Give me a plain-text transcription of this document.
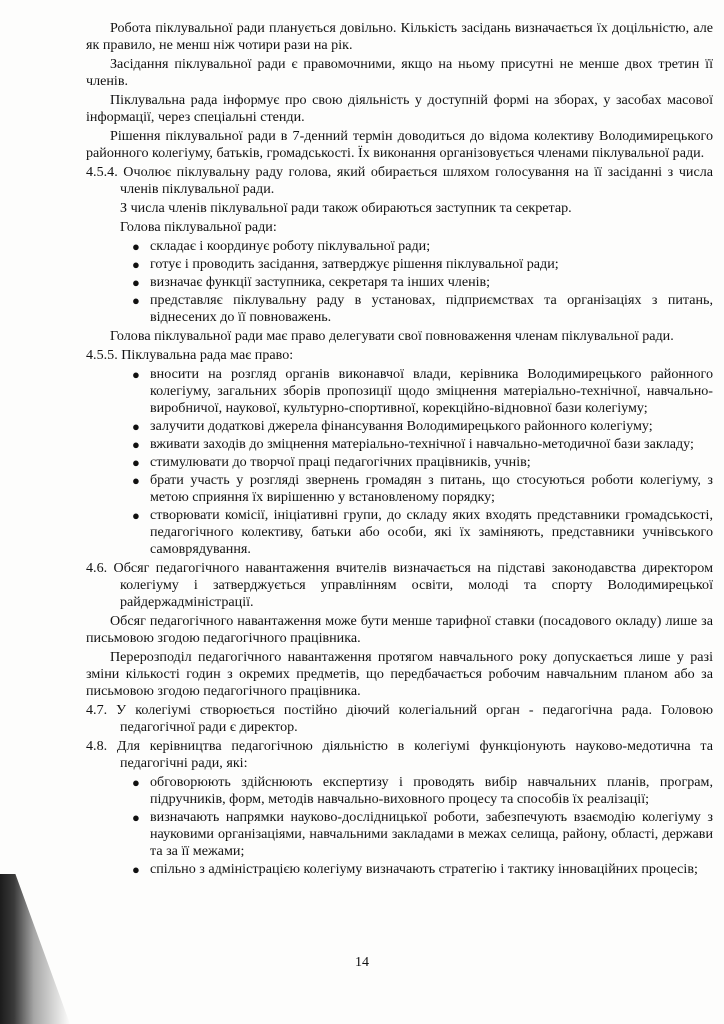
Робота піклувальної ради планується довільно. Кількість засідань визначається їх доцільністю, але як правило, не менш ніж чотири рази на рік.

Засідання піклувальної ради є правомочними, якщо на ньому присутні не менше двох третин її членів.

Піклувальна рада інформує про свою діяльність у доступній формі на зборах, у засобах масової інформації, через спеціальні стенди.

Рішення піклувальної ради в 7-денний термін доводиться до відома колективу Володимирецького районного колегіуму, батьків, громадськості. Їх виконання організовується членами піклувальної ради.

4.5.4. Очолює піклувальну раду голова, який обирається шляхом голосування на її засіданні з числа членів піклувальної ради.

З числа членів піклувальної ради також обираються заступник та секретар.

Голова піклувальної ради:

● складає і координує роботу піклувальної ради;
● готує і проводить засідання, затверджує рішення піклувальної ради;
● визначає функції заступника, секретаря та інших членів;
● представляє піклувальну раду в установах, підприємствах та організаціях з питань, віднесених до її повноважень.

Голова піклувальної ради має право делегувати свої повноваження членам піклувальної ради.

4.5.5. Піклувальна рада має право:

● вносити на розгляд органів виконавчої влади, керівника Володимирецького районного колегіуму, загальних зборів пропозиції щодо зміцнення матеріально-технічної, навчально-виробничої, наукової, культурно-спортивної, корекційно-відновної бази колегіуму;
● залучити додаткові джерела фінансування Володимирецького районного колегіуму;
● вживати заходів до зміцнення матеріально-технічної і навчально-методичної бази закладу;
● стимулювати до творчої праці педагогічних працівників, учнів;
● брати участь у розгляді звернень громадян з питань, що стосуються роботи колегіуму, з метою сприяння їх вирішенню у встановленому порядку;
● створювати комісії, ініціативні групи, до складу яких входять представники громадськості, педагогічного колективу, батьки або особи, які їх заміняють, представники учнівського самоврядування.

4.6. Обсяг педагогічного навантаження вчителів визначається на підставі законодавства директором колегіуму і затверджується управлінням освіти, молоді та спорту Володимирецької райдержадміністрації.

Обсяг педагогічного навантаження може бути менше тарифної ставки (посадового окладу) лише за письмовою згодою педагогічного працівника.

Перерозподіл педагогічного навантаження протягом навчального року допускається лише у разі зміни кількості годин з окремих предметів, що передбачається робочим навчальним планом або за письмовою згодою педагогічного працівника.

4.7. У колегіумі створюється постійно діючий колегіальний орган - педагогічна рада. Головою педагогічної ради є директор.

4.8. Для керівництва педагогічною діяльністю в колегіумі функціонують науково-медотична та педагогічні ради, які:

● обговорюють здійснюють експертизу і проводять вибір навчальних планів, програм, підручників, форм, методів навчально-виховного процесу та способів їх реалізації;
● визначають напрямки науково-дослідницької роботи, забезпечують взаємодію колегіуму з науковими організаціями, навчальними закладами в межах селища, району, області, держави та за її межами;
● спільно з адміністрацією колегіуму визначають стратегію і тактику інноваційних процесів;
14
